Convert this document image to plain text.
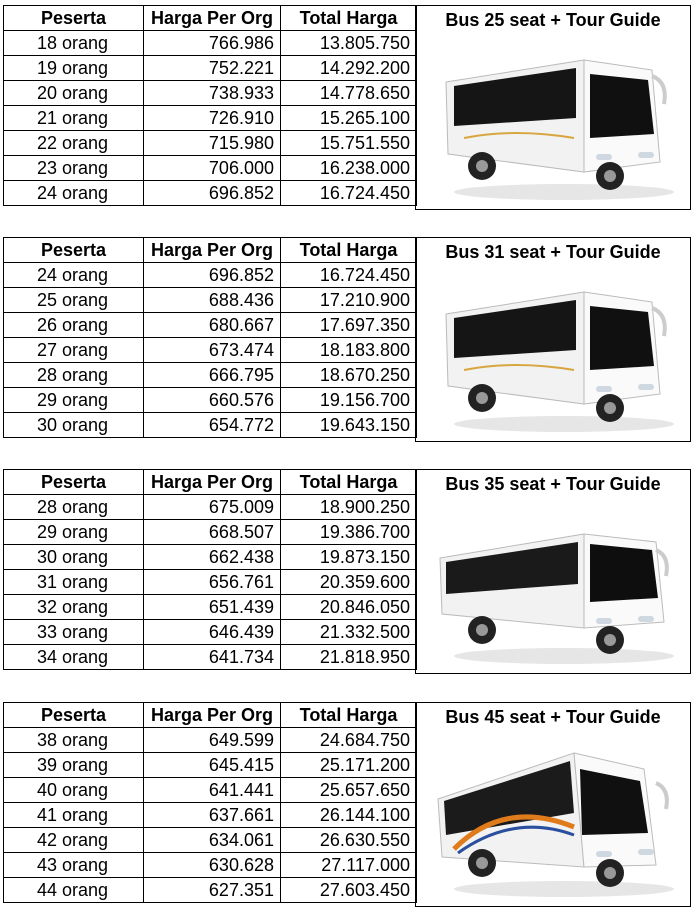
Peserta	Harga Per Org	Total Harga
18 orang	766.986	13.805.750
19 orang	752.221	14.292.200
20 orang	738.933	14.778.650
21 orang	726.910	15.265.100
22 orang	715.980	15.751.550
23 orang	706.000	16.238.000
24 orang	696.852	16.724.450
Bus 25 seat + Tour Guide
Peserta	Harga Per Org	Total Harga
24 orang	696.852	16.724.450
25 orang	688.436	17.210.900
26 orang	680.667	17.697.350
27 orang	673.474	18.183.800
28 orang	666.795	18.670.250
29 orang	660.576	19.156.700
30 orang	654.772	19.643.150
Bus 31 seat + Tour Guide
Peserta	Harga Per Org	Total Harga
28 orang	675.009	18.900.250
29 orang	668.507	19.386.700
30 orang	662.438	19.873.150
31 orang	656.761	20.359.600
32 orang	651.439	20.846.050
33 orang	646.439	21.332.500
34 orang	641.734	21.818.950
Bus 35 seat + Tour Guide
Peserta	Harga Per Org	Total Harga
38 orang	649.599	24.684.750
39 orang	645.415	25.171.200
40 orang	641.441	25.657.650
41 orang	637.661	26.144.100
42 orang	634.061	26.630.550
43 orang	630.628	27.117.000
44 orang	627.351	27.603.450
Bus 45 seat + Tour Guide
